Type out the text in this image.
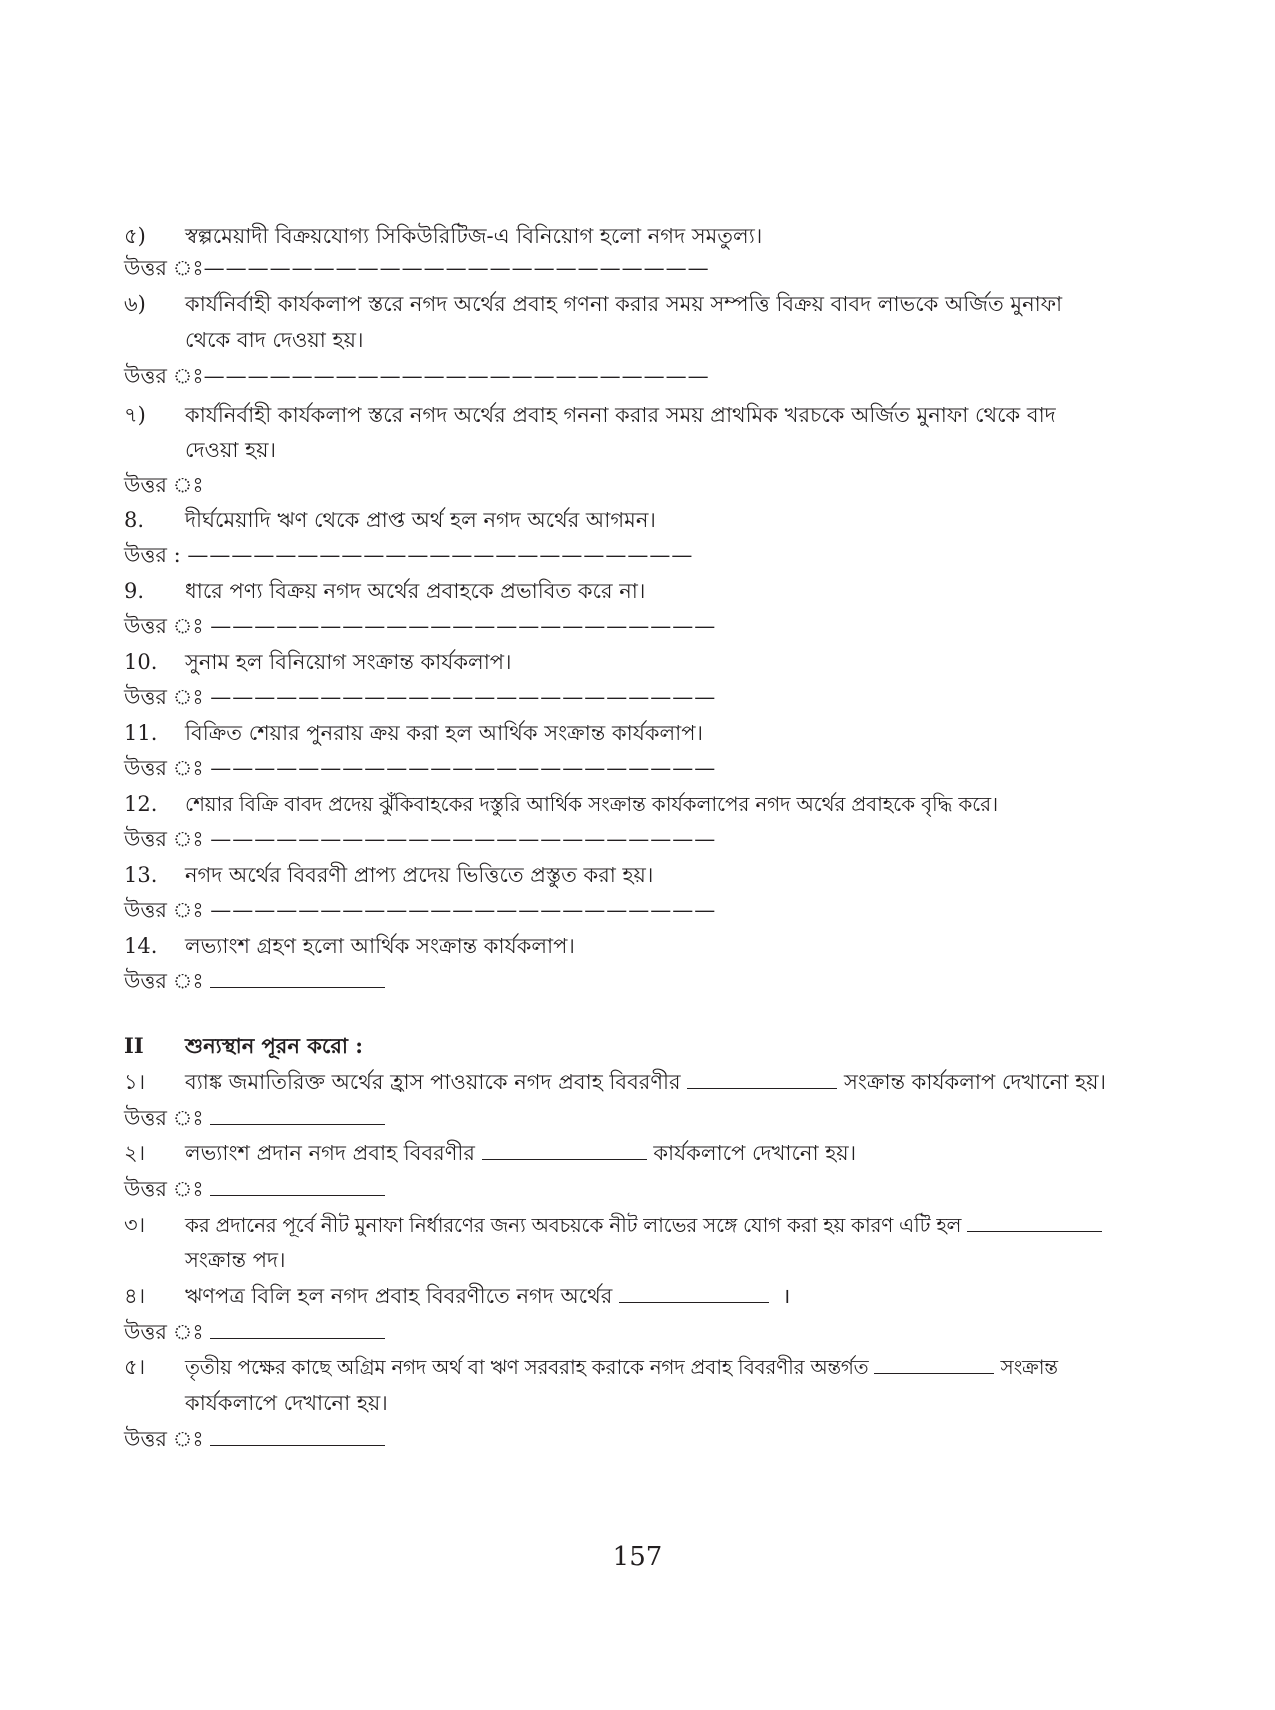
৫)	স্বল্পমেয়াদী বিক্রয়যোগ্য সিকিউরিটিজ-এ বিনিয়োগ হলো নগদ সমতুল্য।
উত্তর ঃ———————————————————————
৬)	কার্যনির্বাহী কার্যকলাপ স্তরে নগদ অর্থের প্রবাহ গণনা করার সময় সম্পত্তি বিক্রয় বাবদ লাভকে অর্জিত মুনাফা
থেকে বাদ দেওয়া হয়।
উত্তর ঃ———————————————————————
৭)	কার্যনির্বাহী কার্যকলাপ স্তরে নগদ অর্থের প্রবাহ গননা করার সময় প্রাথমিক খরচকে অর্জিত মুনাফা থেকে বাদ
দেওয়া হয়।
উত্তর ঃ
8.	দীর্ঘমেয়াদি ঋণ থেকে প্রাপ্ত অর্থ হল নগদ অর্থের আগমন।
উত্তর : ———————————————————————
9.	ধারে পণ্য বিক্রয় নগদ অর্থের প্রবাহকে প্রভাবিত করে না।
উত্তর ঃ ———————————————————————
10.	সুনাম হল বিনিয়োগ সংক্রান্ত কার্যকলাপ।
উত্তর ঃ ———————————————————————
11.	বিক্রিত শেয়ার পুনরায় ক্রয় করা হল আর্থিক সংক্রান্ত কার্যকলাপ।
উত্তর ঃ ———————————————————————
12.	শেয়ার বিক্রি বাবদ প্রদেয় ঝুঁকিবাহকের দস্তুরি আর্থিক সংক্রান্ত কার্যকলাপের নগদ অর্থের প্রবাহকে বৃদ্ধি করে।
উত্তর ঃ ———————————————————————
13.	নগদ অর্থের বিবরণী প্রাপ্য প্রদেয় ভিত্তিতে প্রস্তুত করা হয়।
উত্তর ঃ ———————————————————————
14.	লভ্যাংশ গ্রহণ হলো আর্থিক সংক্রান্ত কার্যকলাপ।
উত্তর ঃ
II	শুন্যস্থান পূরন করো :
১।	ব্যাঙ্ক জমাতিরিক্ত অর্থের হ্রাস পাওয়াকে নগদ প্রবাহ বিবরণীর	সংক্রান্ত কার্যকলাপ দেখানো হয়।
উত্তর ঃ
২।	লভ্যাংশ প্রদান নগদ প্রবাহ বিবরণীর	কার্যকলাপে দেখানো হয়।
উত্তর ঃ
৩।	কর প্রদানের পূর্বে নীট মুনাফা নির্ধারণের জন্য অবচয়কে নীট লাভের সঙ্গে যোগ করা হয় কারণ এটি হল
সংক্রান্ত পদ।
৪।	ঋণপত্র বিলি হল নগদ প্রবাহ বিবরণীতে নগদ অর্থের	।
উত্তর ঃ
৫।	তৃতীয় পক্ষের কাছে অগ্রিম নগদ অর্থ বা ঋণ সরবরাহ করাকে নগদ প্রবাহ বিবরণীর অন্তর্গত	সংক্রান্ত
কার্যকলাপে দেখানো হয়।
উত্তর ঃ
157
